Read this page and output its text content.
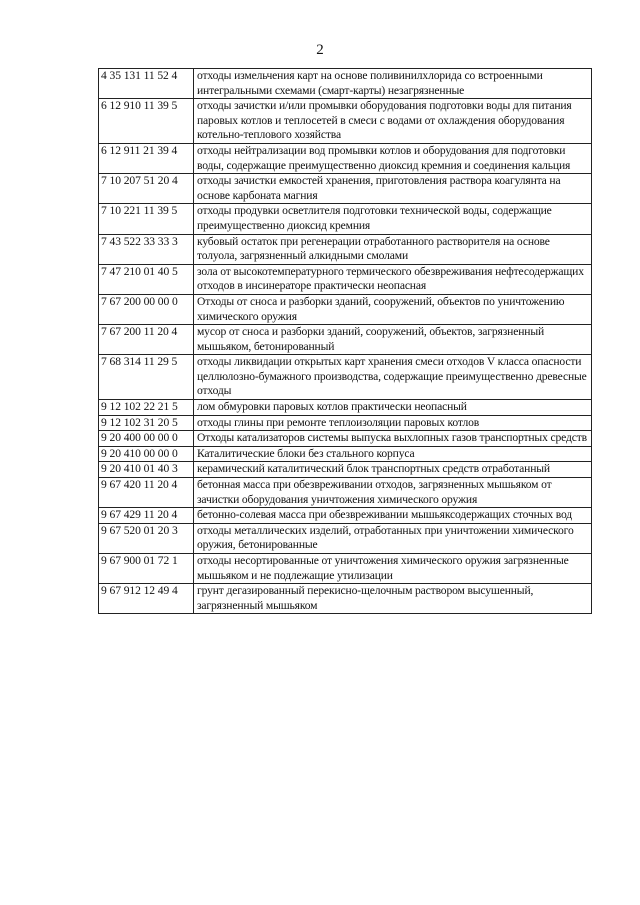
2
4 35 131 11 52 4	отходы измельчения карт на основе поливинилхлорида со встроенными интегральными схемами (смарт-карты) незагрязненные
6 12 910 11 39 5	отходы зачистки и/или промывки оборудования подготовки воды для питания паровых котлов и теплосетей в смеси с водами от охлаждения оборудования котельно-теплового хозяйства
6 12 911 21 39 4	отходы нейтрализации вод промывки котлов и оборудования для подготовки воды, содержащие преимущественно диоксид кремния и соединения кальция
7 10 207 51 20 4	отходы зачистки емкостей хранения, приготовления раствора коагулянта на основе карбоната магния
7 10 221 11 39 5	отходы продувки осветлителя подготовки технической воды, содержащие преимущественно диоксид кремния
7 43 522 33 33 3	кубовый остаток при регенерации отработанного растворителя на основе толуола, загрязненный алкидными смолами
7 47 210 01 40 5	зола от высокотемпературного термического обезвреживания нефтесодержащих отходов в инсинераторе практически неопасная
7 67 200 00 00 0	Отходы от сноса и разборки зданий, сооружений, объектов по уничтожению химического оружия
7 67 200 11 20 4	мусор от сноса и разборки зданий, сооружений, объектов, загрязненный мышьяком, бетонированный
7 68 314 11 29 5	отходы ликвидации открытых карт хранения смеси отходов V класса опасности целлюлозно-бумажного производства, содержащие преимущественно древесные отходы
9 12 102 22 21 5	лом обмуровки паровых котлов практически неопасный
9 12 102 31 20 5	отходы глины при ремонте теплоизоляции паровых котлов
9 20 400 00 00 0	Отходы катализаторов системы выпуска выхлопных газов транспортных средств
9 20 410 00 00 0	Каталитические блоки без стального корпуса
9 20 410 01 40 3	керамический каталитический блок транспортных средств отработанный
9 67 420 11 20 4	бетонная масса при обезвреживании отходов, загрязненных мышьяком от зачистки оборудования уничтожения химического оружия
9 67 429 11 20 4	бетонно-солевая масса при обезвреживании мышьяксодержащих сточных вод
9 67 520 01 20 3	отходы металлических изделий, отработанных при уничтожении химического оружия, бетонированные
9 67 900 01 72 1	отходы несортированные от уничтожения химического оружия загрязненные мышьяком и не подлежащие утилизации
9 67 912 12 49 4	грунт дегазированный перекисно-щелочным раствором высушенный, загрязненный мышьяком
